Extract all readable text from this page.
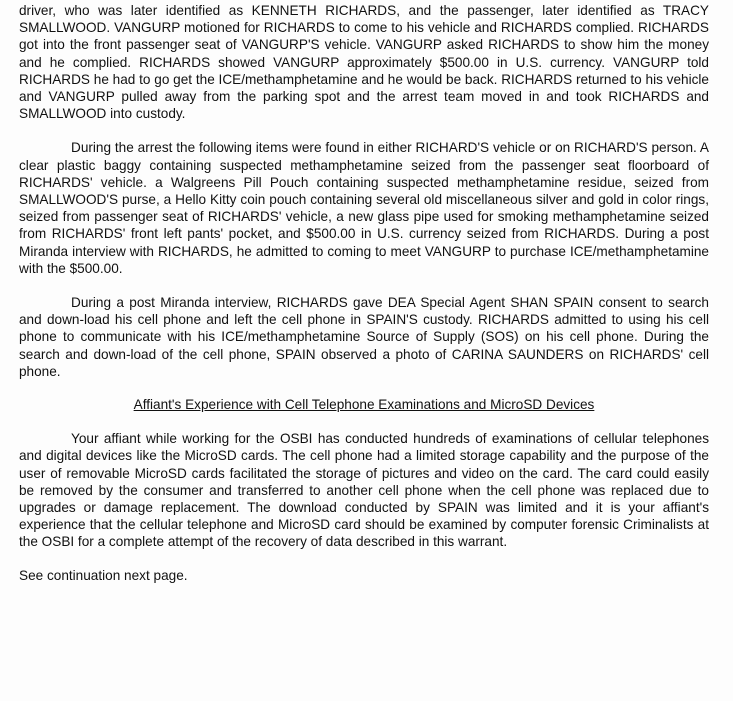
driver, who was later identified as KENNETH RICHARDS, and the passenger, later identified as TRACY SMALLWOOD. VANGURP motioned for RICHARDS to come to his vehicle and RICHARDS complied. RICHARDS got into the front passenger seat of VANGURP'S vehicle. VANGURP asked RICHARDS to show him the money and he complied. RICHARDS showed VANGURP approximately $500.00 in U.S. currency. VANGURP told RICHARDS he had to go get the ICE/methamphetamine and he would be back. RICHARDS returned to his vehicle and VANGURP pulled away from the parking spot and the arrest team moved in and took RICHARDS and SMALLWOOD into custody.

During the arrest the following items were found in either RICHARD'S vehicle or on RICHARD'S person. A clear plastic baggy containing suspected methamphetamine seized from the passenger seat floorboard of RICHARDS' vehicle. a Walgreens Pill Pouch containing suspected methamphetamine residue, seized from SMALLWOOD'S purse, a Hello Kitty coin pouch containing several old miscellaneous silver and gold in color rings, seized from passenger seat of RICHARDS' vehicle, a new glass pipe used for smoking methamphetamine seized from RICHARDS' front left pants' pocket, and $500.00 in U.S. currency seized from RICHARDS. During a post Miranda interview with RICHARDS, he admitted to coming to meet VANGURP to purchase ICE/methamphetamine with the $500.00.

During a post Miranda interview, RICHARDS gave DEA Special Agent SHAN SPAIN consent to search and down-load his cell phone and left the cell phone in SPAIN'S custody. RICHARDS admitted to using his cell phone to communicate with his ICE/methamphetamine Source of Supply (SOS) on his cell phone. During the search and down-load of the cell phone, SPAIN observed a photo of CARINA SAUNDERS on RICHARDS' cell phone.

Affiant's Experience with Cell Telephone Examinations and MicroSD Devices

Your affiant while working for the OSBI has conducted hundreds of examinations of cellular telephones and digital devices like the MicroSD cards. The cell phone had a limited storage capability and the purpose of the user of removable MicroSD cards facilitated the storage of pictures and video on the card. The card could easily be removed by the consumer and transferred to another cell phone when the cell phone was replaced due to upgrades or damage replacement. The download conducted by SPAIN was limited and it is your affiant's experience that the cellular telephone and MicroSD card should be examined by computer forensic Criminalists at the OSBI for a complete attempt of the recovery of data described in this warrant.

See continuation next page.
